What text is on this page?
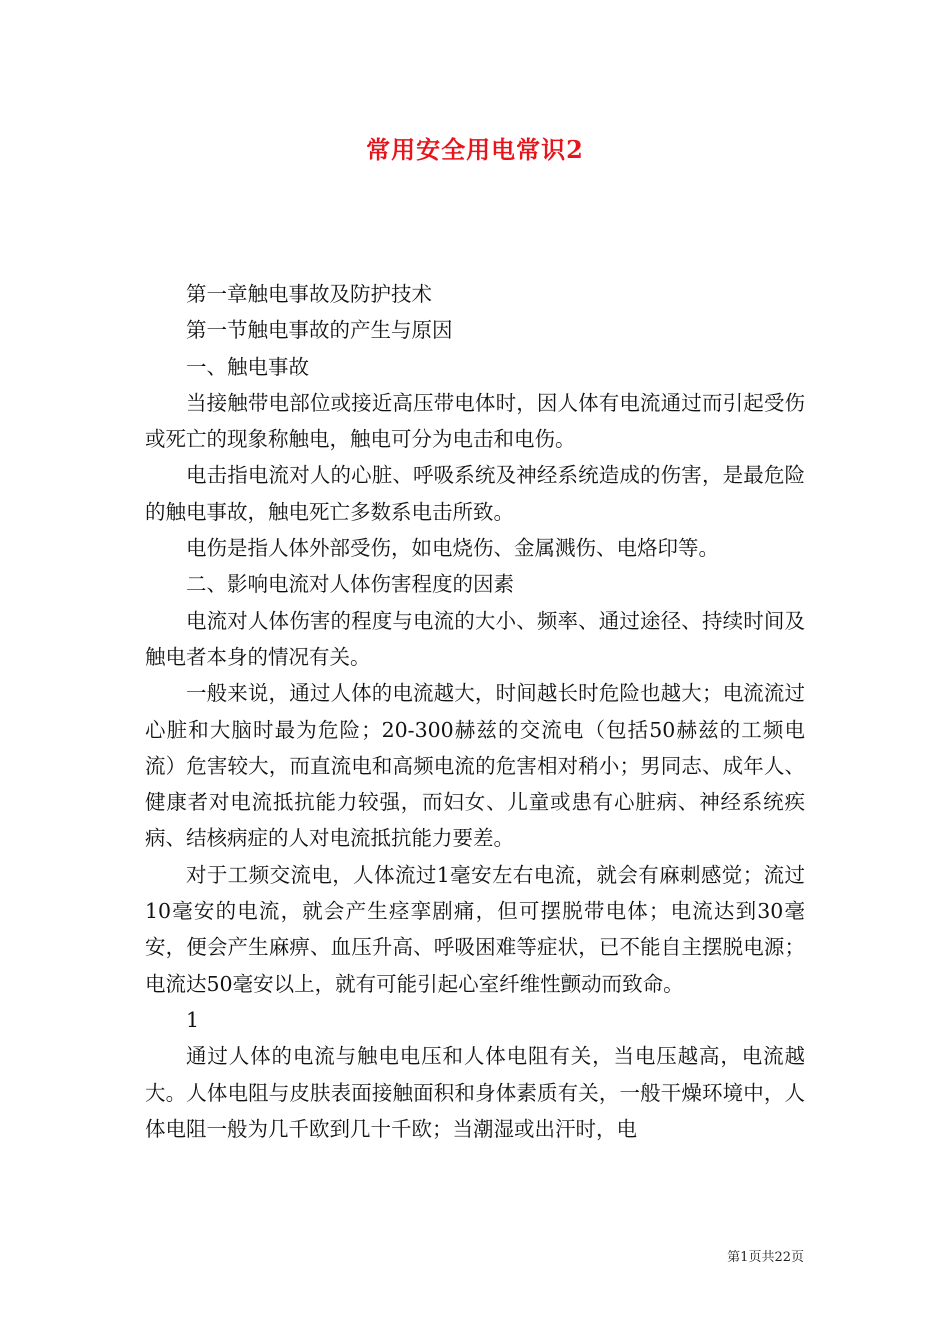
常用安全用电常识2

第一章触电事故及防护技术

第一节触电事故的产生与原因

一、触电事故

当接触带电部位或接近高压带电体时，因人体有电流通过而引起受伤或死亡的现象称触电，触电可分为电击和电伤。

电击指电流对人的心脏、呼吸系统及神经系统造成的伤害，是最危险的触电事故，触电死亡多数系电击所致。

电伤是指人体外部受伤，如电烧伤、金属溅伤、电烙印等。

二、影响电流对人体伤害程度的因素

电流对人体伤害的程度与电流的大小、频率、通过途径、持续时间及触电者本身的情况有关。

一般来说，通过人体的电流越大，时间越长时危险也越大；电流流过心脏和大脑时最为危险；20-300赫兹的交流电（包括50赫兹的工频电流）危害较大，而直流电和高频电流的危害相对稍小；男同志、成年人、健康者对电流抵抗能力较强，而妇女、儿童或患有心脏病、神经系统疾病、结核病症的人对电流抵抗能力要差。

对于工频交流电，人体流过1毫安左右电流，就会有麻刺感觉；流过10毫安的电流，就会产生痉挛剧痛，但可摆脱带电体；电流达到30毫安，便会产生麻痹、血压升高、呼吸困难等症状，已不能自主摆脱电源；电流达50毫安以上，就有可能引起心室纤维性颤动而致命。

1

通过人体的电流与触电电压和人体电阻有关，当电压越高，电流越大。人体电阻与皮肤表面接触面积和身体素质有关，一般干燥环境中，人体电阻一般为几千欧到几十千欧；当潮湿或出汗时，电

第1页共22页
